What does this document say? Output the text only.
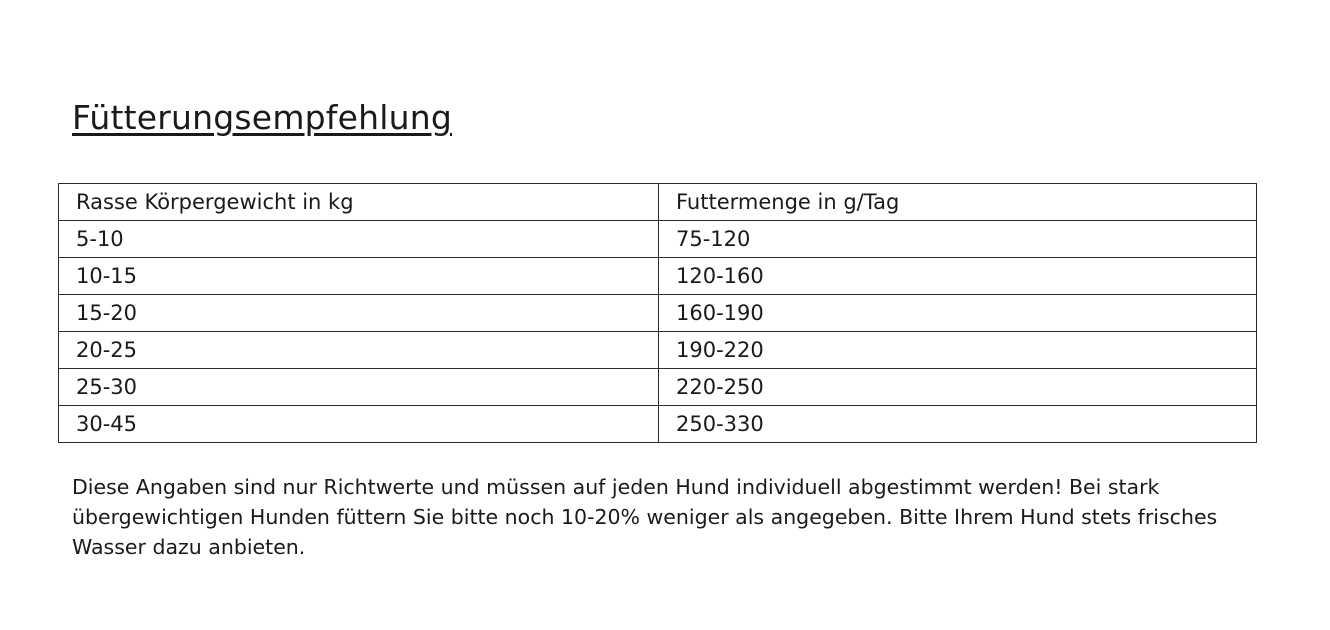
Fütterungsempfehlung
Rasse Körpergewicht in kg	Futtermenge in g/Tag
5-10	75-120
10-15	120-160
15-20	160-190
20-25	190-220
25-30	220-250
30-45	250-330
Diese Angaben sind nur Richtwerte und müssen auf jeden Hund individuell abgestimmt werden! Bei stark übergewichtigen Hunden füttern Sie bitte noch 10-20% weniger als angegeben. Bitte Ihrem Hund stets frisches Wasser dazu anbieten.
